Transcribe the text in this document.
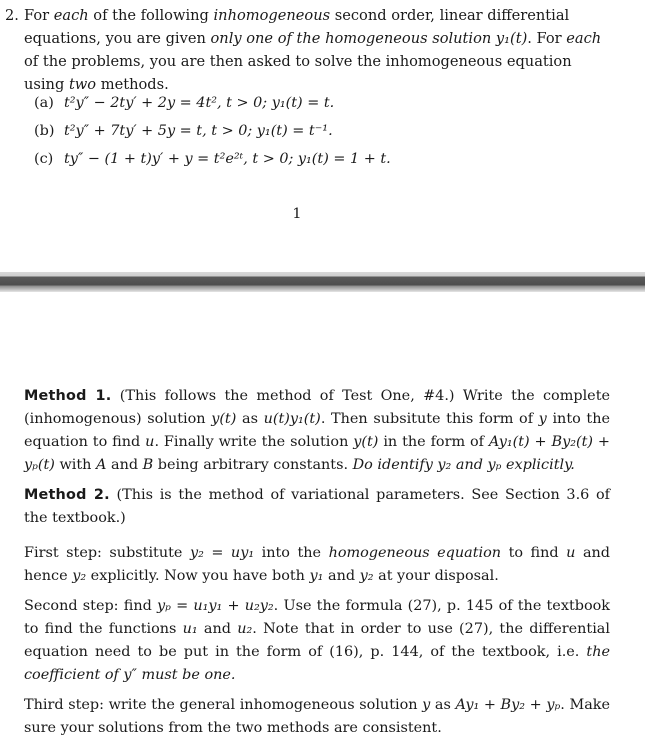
2. For each of the following inhomogeneous second order, linear differential equations, you are given only one of the homogeneous solution y₁(t). For each of the problems, you are then asked to solve the inhomogeneous equation using two methods.
(a) t²y″ − 2ty′ + 2y = 4t², t > 0; y₁(t) = t.
(b) t²y″ + 7ty′ + 5y = t, t > 0; y₁(t) = t⁻¹.
(c) ty″ − (1 + t)y′ + y = t²e²ᵗ, t > 0; y₁(t) = 1 + t.
1

Method 1. (This follows the method of Test One, #4.) Write the complete (inhomogenous) solution y(t) as u(t)y₁(t). Then subsitute this form of y into the equation to find u. Finally write the solution y(t) in the form of Ay₁(t) + By₂(t) + yₚ(t) with A and B being arbitrary constants. Do identify y₂ and yₚ explicitly.

Method 2. (This is the method of variational parameters. See Section 3.6 of the textbook.)

First step: substitute y₂ = uy₁ into the homogeneous equation to find u and hence y₂ explicitly. Now you have both y₁ and y₂ at your disposal.

Second step: find yₚ = u₁y₁ + u₂y₂. Use the formula (27), p. 145 of the textbook to find the functions u₁ and u₂. Note that in order to use (27), the differential equation need to be put in the form of (16), p. 144, of the textbook, i.e. the coefficient of y″ must be one.

Third step: write the general inhomogeneous solution y as Ay₁ + By₂ + yₚ. Make sure your solutions from the two methods are consistent.
